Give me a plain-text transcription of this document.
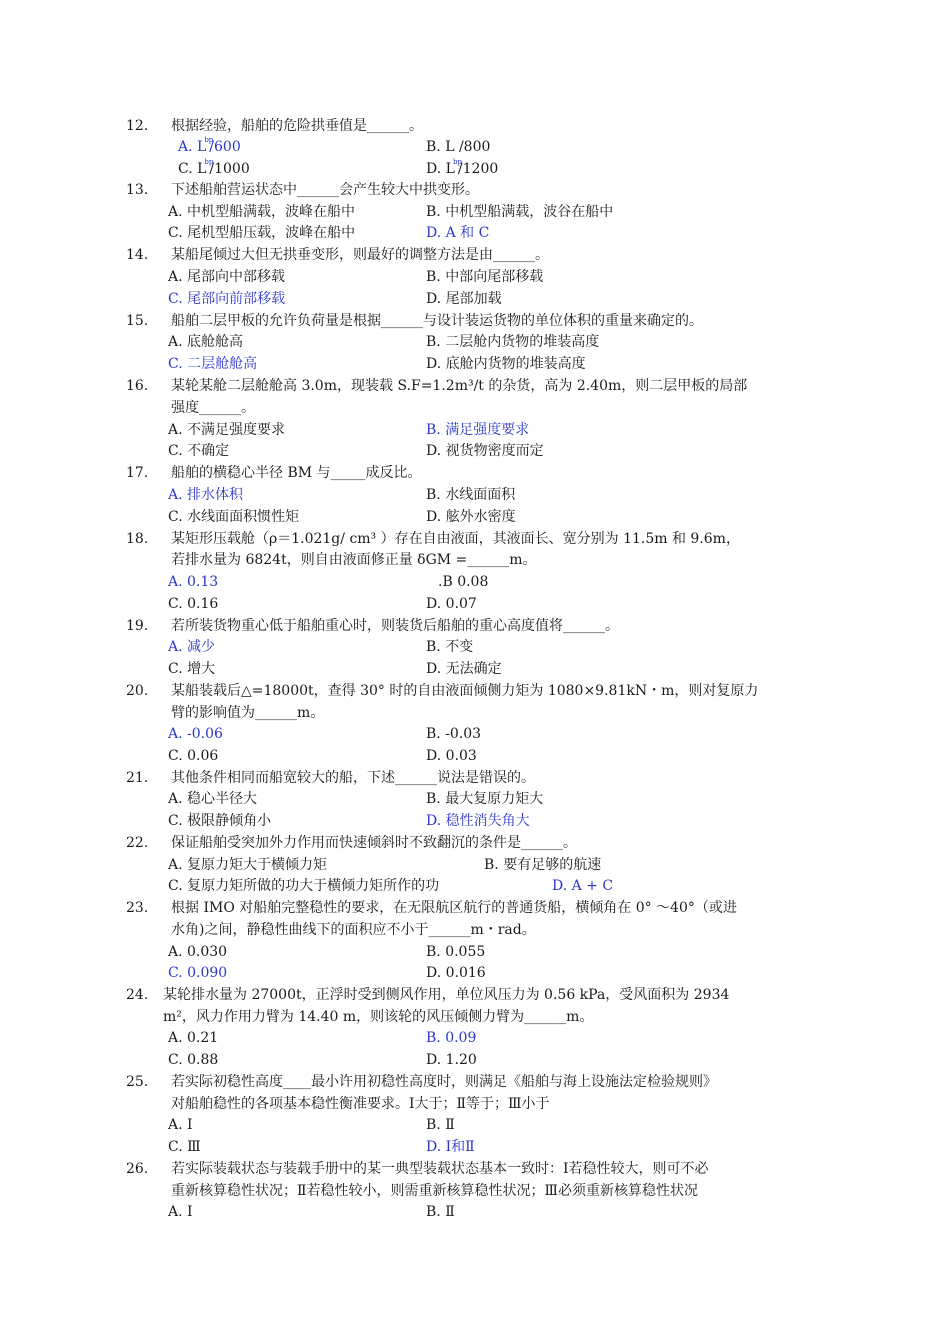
12. 根据经验，船舶的危险拱垂值是______。
A. $L^{bp}/600$	B. L /800
C. $L^{bp}/1000$	D. $L^{bp}/1200$
13. 下述船舶营运状态中______会产生较大中拱变形。
A. 中机型船满载，波峰在船中	B. 中机型船满载，波谷在船中
C. 尾机型船压载，波峰在船中	D. A 和 C
14. 某船尾倾过大但无拱垂变形，则最好的调整方法是由______。
A. 尾部向中部移载	B. 中部向尾部移载
C. 尾部向前部移载	D. 尾部加载
15. 船舶二层甲板的允许负荷量是根据______与设计装运货物的单位体积的重量来确定的。
A. 底舱舱高	B. 二层舱内货物的堆装高度
C. 二层舱舱高	D. 底舱内货物的堆装高度
16. 某轮某舱二层舱舱高 3.0m，现装载 S.F=1.2m³/t 的杂货，高为 2.40m，则二层甲板的局部
强度______。
A. 不满足强度要求	B. 满足强度要求
C. 不确定	D. 视货物密度而定
17. 船舶的横稳心半径 BM 与_____成反比。
A. 排水体积	B. 水线面面积
C. 水线面面积惯性矩	D. 舷外水密度
18. 某矩形压载舱（ρ＝1.021g/ cm³ ）存在自由液面，其液面长、宽分别为 11.5m 和 9.6m，
若排水量为 6824t，则自由液面修正量 δGM =______m。
A. 0.13	.B 0.08
C. 0.16	D. 0.07
19. 若所装货物重心低于船舶重心时，则装货后船舶的重心高度值将______。
A. 减少	B. 不变
C. 增大	D. 无法确定
20. 某船装载后△=18000t，查得 30° 时的自由液面倾侧力矩为 1080×9.81kN・m，则对复原力
臂的影响值为______m。
A. -0.06	B. -0.03
C. 0.06	D. 0.03
21. 其他条件相同而船宽较大的船，下述______说法是错误的。
A. 稳心半径大	B. 最大复原力矩大
C. 极限静倾角小	D. 稳性消失角大
22. 保证船舶受突加外力作用而快速倾斜时不致翻沉的条件是______。
A. 复原力矩大于横倾力矩	B. 要有足够的航速
C. 复原力矩所做的功大于横倾力矩所作的功	D. A + C
23. 根据 IMO 对船舶完整稳性的要求，在无限航区航行的普通货船，横倾角在 0° ～40°（或进
水角)之间，静稳性曲线下的面积应不小于______m・rad。
A. 0.030	B. 0.055
C. 0.090	D. 0.016
24. 某轮排水量为 27000t，正浮时受到侧风作用，单位风压力为 0.56 kPa，受风面积为 2934
m²，风力作用力臂为 14.40 m，则该轮的风压倾侧力臂为______m。
A. 0.21	B. 0.09
C. 0.88	D. 1.20
25. 若实际初稳性高度____最小许用初稳性高度时，则满足《船舶与海上设施法定检验规则》
对船舶稳性的各项基本稳性衡准要求。Ⅰ大于；Ⅱ等于；Ⅲ小于
A. Ⅰ	B. Ⅱ
C. Ⅲ	D. Ⅰ和Ⅱ
26. 若实际装载状态与装载手册中的某一典型装载状态基本一致时：Ⅰ若稳性较大，则可不必
重新核算稳性状况；Ⅱ若稳性较小，则需重新核算稳性状况；Ⅲ必须重新核算稳性状况
A. Ⅰ	B. Ⅱ
